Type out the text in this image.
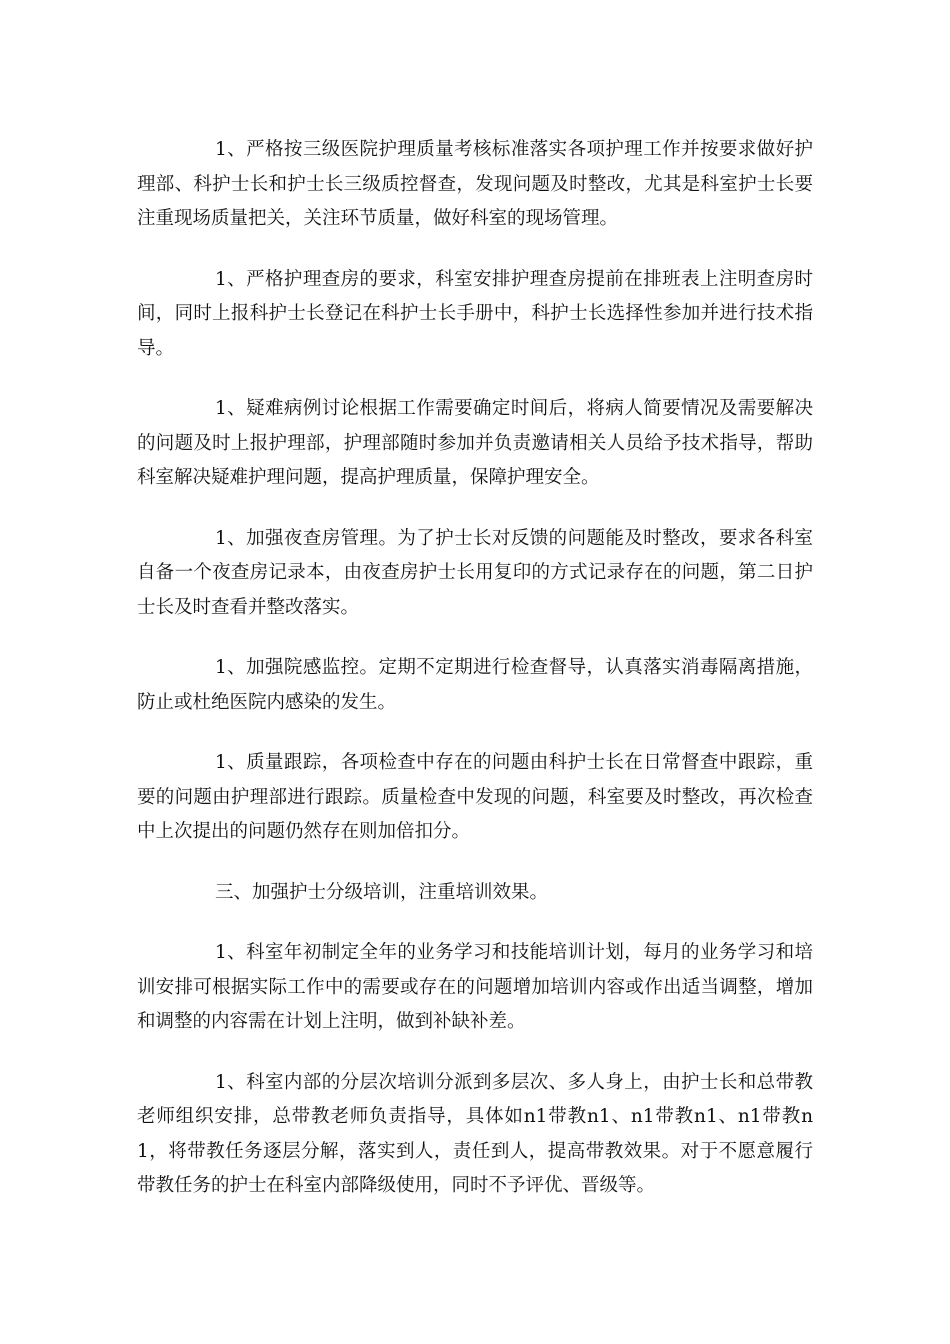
1、严格按三级医院护理质量考核标准落实各项护理工作并按要求做好护理部、科护士长和护士长三级质控督查，发现问题及时整改，尤其是科室护士长要注重现场质量把关，关注环节质量，做好科室的现场管理。

1、严格护理查房的要求，科室安排护理查房提前在排班表上注明查房时间，同时上报科护士长登记在科护士长手册中，科护士长选择性参加并进行技术指导。

1、疑难病例讨论根据工作需要确定时间后，将病人简要情况及需要解决的问题及时上报护理部，护理部随时参加并负责邀请相关人员给予技术指导，帮助科室解决疑难护理问题，提高护理质量，保障护理安全。

1、加强夜查房管理。为了护士长对反馈的问题能及时整改，要求各科室自备一个夜查房记录本，由夜查房护士长用复印的方式记录存在的问题，第二日护士长及时查看并整改落实。

1、加强院感监控。定期不定期进行检查督导，认真落实消毒隔离措施，防止或杜绝医院内感染的发生。

1、质量跟踪，各项检查中存在的问题由科护士长在日常督查中跟踪，重要的问题由护理部进行跟踪。质量检查中发现的问题，科室要及时整改，再次检查中上次提出的问题仍然存在则加倍扣分。

三、加强护士分级培训，注重培训效果。

1、科室年初制定全年的业务学习和技能培训计划，每月的业务学习和培训安排可根据实际工作中的需要或存在的问题增加培训内容或作出适当调整，增加和调整的内容需在计划上注明，做到补缺补差。

1、科室内部的分层次培训分派到多层次、多人身上，由护士长和总带教老师组织安排，总带教老师负责指导，具体如n1带教n1、n1带教n1、n1带教n1，将带教任务逐层分解，落实到人，责任到人，提高带教效果。对于不愿意履行带教任务的护士在科室内部降级使用，同时不予评优、晋级等。
